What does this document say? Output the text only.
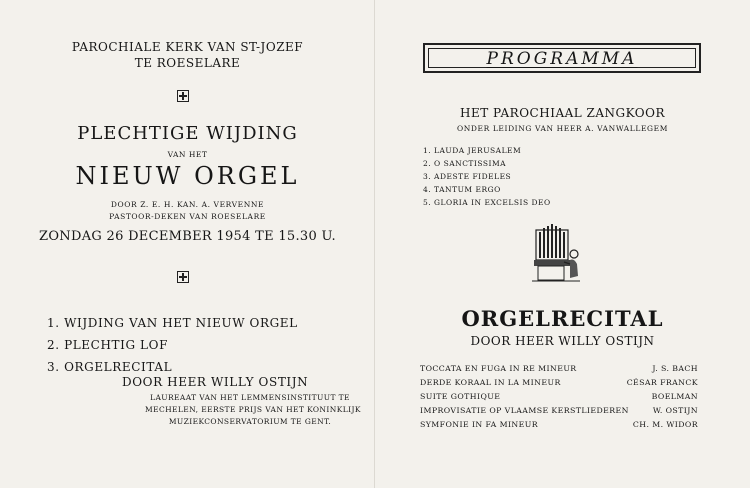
PAROCHIALE KERK VAN ST-JOZEF
TE ROESELARE
PLECHTIGE WIJDING
VAN HET
NIEUW ORGEL
DOOR Z. E. H. KAN. A. VERVENNE
PASTOOR-DEKEN VAN ROESELARE
ZONDAG 26 DECEMBER 1954 TE 15.30 U.
1. WIJDING VAN HET NIEUW ORGEL
2. PLECHTIG LOF
3. ORGELRECITAL
DOOR HEER WILLY OSTIJN
LAUREAAT VAN HET LEMMENSINSTITUUT TE
MECHELEN, EERSTE PRIJS VAN HET KONINKLIJK
MUZIEKCONSERVATORIUM TE GENT.
PROGRAMMA
HET PAROCHIAAL ZANGKOOR
ONDER LEIDING VAN HEER A. VANWALLEGEM
1. LAUDA JERUSALEM
2. O SANCTISSIMA
3. ADESTE FIDELES
4. TANTUM ERGO
5. GLORIA IN EXCELSIS DEO
ORGELRECITAL
DOOR HEER WILLY OSTIJN
TOCCATA EN FUGA IN RE MINEUR	J. S. BACH
DERDE KORAAL IN LA MINEUR	CÉSAR FRANCK
SUITE GOTHIQUE	BOELMAN
IMPROVISATIE OP VLAAMSE KERSTLIEDEREN	W. OSTIJN
SYMFONIE IN FA MINEUR	CH. M. WIDOR
